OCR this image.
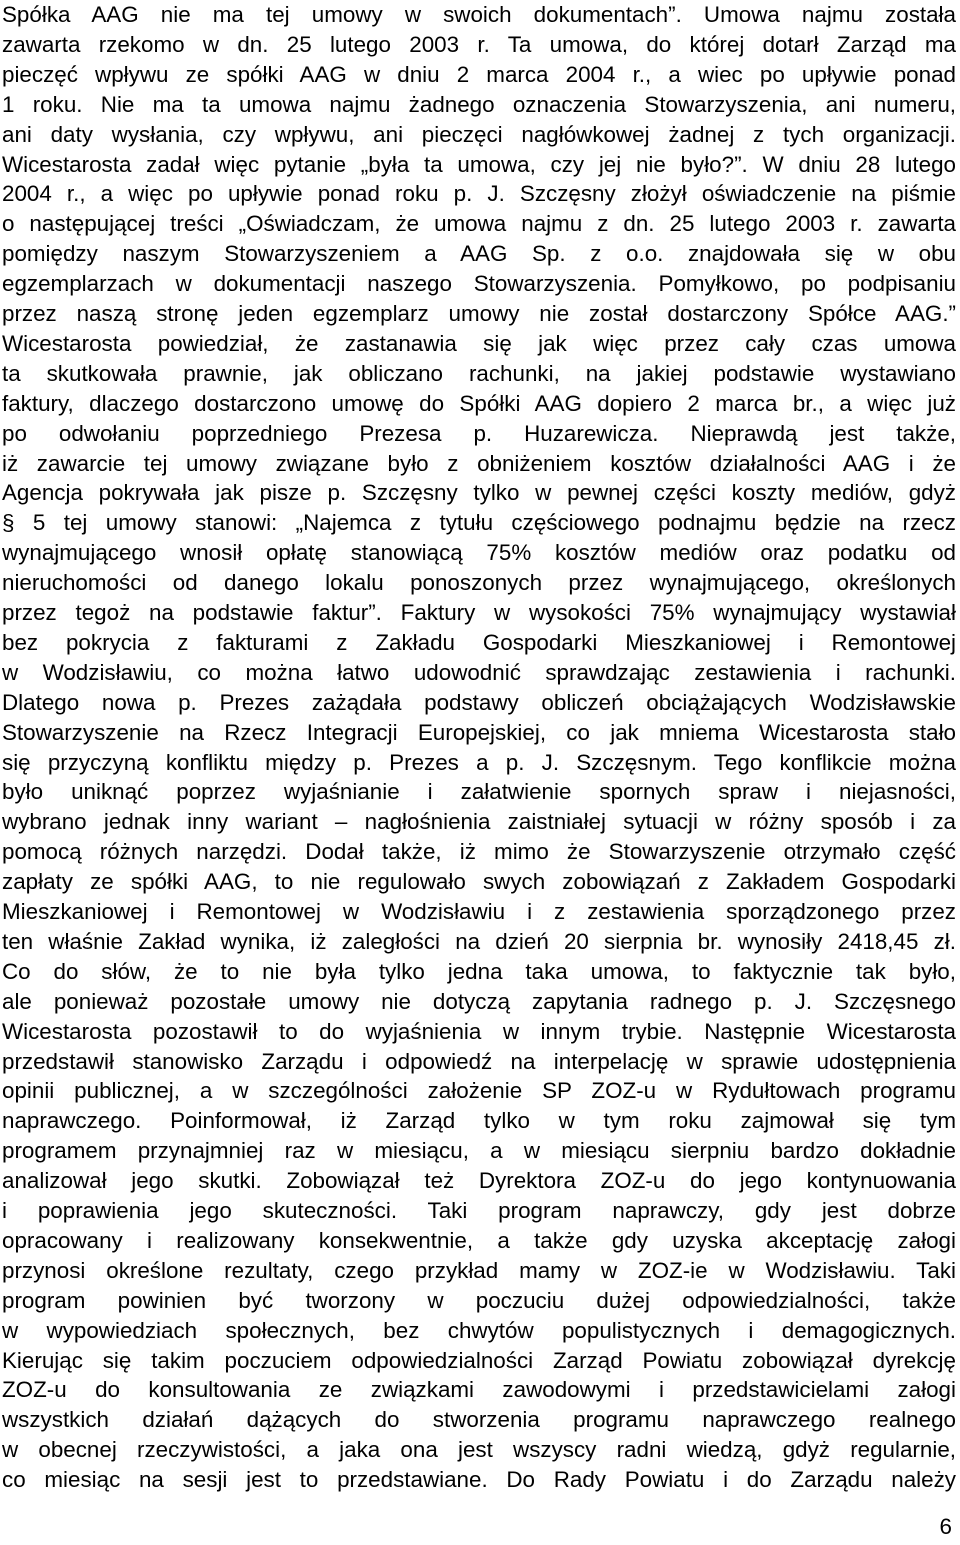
Spółka AAG nie ma tej umowy w swoich dokumentach”. Umowa najmu została

zawarta rzekomo w dn. 25 lutego 2003 r. Ta umowa, do której dotarł Zarząd ma

pieczęć wpływu ze spółki AAG w dniu 2 marca 2004 r., a wiec po upływie ponad

1 roku. Nie ma ta umowa najmu żadnego oznaczenia Stowarzyszenia, ani numeru,

ani daty wysłania, czy wpływu, ani pieczęci nagłówkowej żadnej z tych organizacji.

Wicestarosta zadał więc pytanie „była ta umowa, czy jej nie było?”. W dniu 28 lutego

2004 r., a więc po upływie ponad roku p. J. Szczęsny złożył oświadczenie na piśmie

o następującej treści „Oświadczam, że umowa najmu z dn. 25 lutego 2003 r. zawarta

pomiędzy naszym Stowarzyszeniem a AAG Sp. z o.o. znajdowała się w obu

egzemplarzach w dokumentacji naszego Stowarzyszenia. Pomyłkowo, po podpisaniu

przez naszą stronę jeden egzemplarz umowy nie został dostarczony Spółce AAG.”

Wicestarosta powiedział, że zastanawia się jak więc przez cały czas umowa

ta skutkowała prawnie, jak obliczano rachunki, na jakiej podstawie wystawiano

faktury, dlaczego dostarczono umowę do Spółki AAG dopiero 2 marca br., a więc już

po odwołaniu poprzedniego Prezesa p. Huzarewicza. Nieprawdą jest także,

iż zawarcie tej umowy związane było z obniżeniem kosztów działalności AAG i że

Agencja pokrywała jak pisze p. Szczęsny tylko w pewnej części koszty mediów, gdyż

§ 5 tej umowy stanowi: „Najemca z tytułu częściowego podnajmu będzie na rzecz

wynajmującego wnosił opłatę stanowiącą 75% kosztów mediów oraz podatku od

nieruchomości od danego lokalu ponoszonych przez wynajmującego, określonych

przez tegoż na podstawie faktur”. Faktury w wysokości 75% wynajmujący wystawiał

bez pokrycia z fakturami z Zakładu Gospodarki Mieszkaniowej i Remontowej

w Wodzisławiu, co można łatwo udowodnić sprawdzając zestawienia i rachunki.

Dlatego nowa p. Prezes zażądała podstawy obliczeń obciążających Wodzisławskie

Stowarzyszenie na Rzecz Integracji Europejskiej, co jak mniema Wicestarosta stało

się przyczyną konfliktu między p. Prezes a p. J. Szczęsnym. Tego konflikcie można

było uniknąć poprzez wyjaśnianie i załatwienie spornych spraw i niejasności,

wybrano jednak inny wariant – nagłośnienia zaistniałej sytuacji w różny sposób i za

pomocą różnych narzędzi. Dodał także, iż mimo że Stowarzyszenie otrzymało część

zapłaty ze spółki AAG, to nie regulowało swych zobowiązań z Zakładem Gospodarki

Mieszkaniowej i Remontowej w Wodzisławiu i z zestawienia sporządzonego przez

ten właśnie Zakład wynika, iż zaległości na dzień 20 sierpnia br. wynosiły 2418,45 zł.

Co do słów, że to nie była tylko jedna taka umowa, to faktycznie tak było,

ale ponieważ pozostałe umowy nie dotyczą zapytania radnego p. J. Szczęsnego

Wicestarosta pozostawił to do wyjaśnienia w innym trybie. Następnie Wicestarosta

przedstawił stanowisko Zarządu i odpowiedź na interpelację w sprawie udostępnienia

opinii publicznej, a w szczególności założenie SP ZOZ-u w Rydułtowach programu

naprawczego. Poinformował, iż Zarząd tylko w tym roku zajmował się tym

programem przynajmniej raz w miesiącu, a w miesiącu sierpniu bardzo dokładnie

analizował jego skutki. Zobowiązał też Dyrektora ZOZ-u do jego kontynuowania

i poprawienia jego skuteczności. Taki program naprawczy, gdy jest dobrze

opracowany i realizowany konsekwentnie, a także gdy uzyska akceptację załogi

przynosi określone rezultaty, czego przykład mamy w ZOZ-ie w Wodzisławiu. Taki

program powinien być tworzony w poczuciu dużej odpowiedzialności, także

w wypowiedziach społecznych, bez chwytów populistycznych i demagogicznych.

Kierując się takim poczuciem odpowiedzialności Zarząd Powiatu zobowiązał dyrekcję

ZOZ-u do konsultowania ze związkami zawodowymi i przedstawicielami załogi

wszystkich działań dążących do stworzenia programu naprawczego realnego

w obecnej rzeczywistości, a jaka ona jest wszyscy radni wiedzą, gdyż regularnie,

co miesiąc na sesji jest to przedstawiane. Do Rady Powiatu i do Zarządu należy

6
